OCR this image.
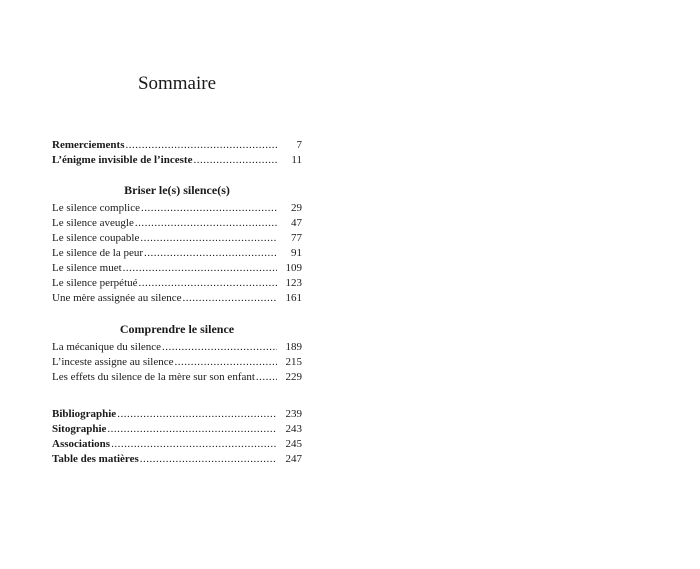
Sommaire
Remerciements .....	7
L’énigme invisible de l’inceste .....	11
Briser le(s) silence(s)
Le silence complice .....	29
Le silence aveugle .....	47
Le silence coupable .....	77
Le silence de la peur .....	91
Le silence muet .....	109
Le silence perpétué .....	123
Une mère assignée au silence .....	161
Comprendre le silence
La mécanique du silence .....	189
L’inceste assigne au silence .....	215
Les effets du silence de la mère sur son enfant .....	229
Bibliographie .....	239
Sitographie .....	243
Associations .....	245
Table des matières .....	247
